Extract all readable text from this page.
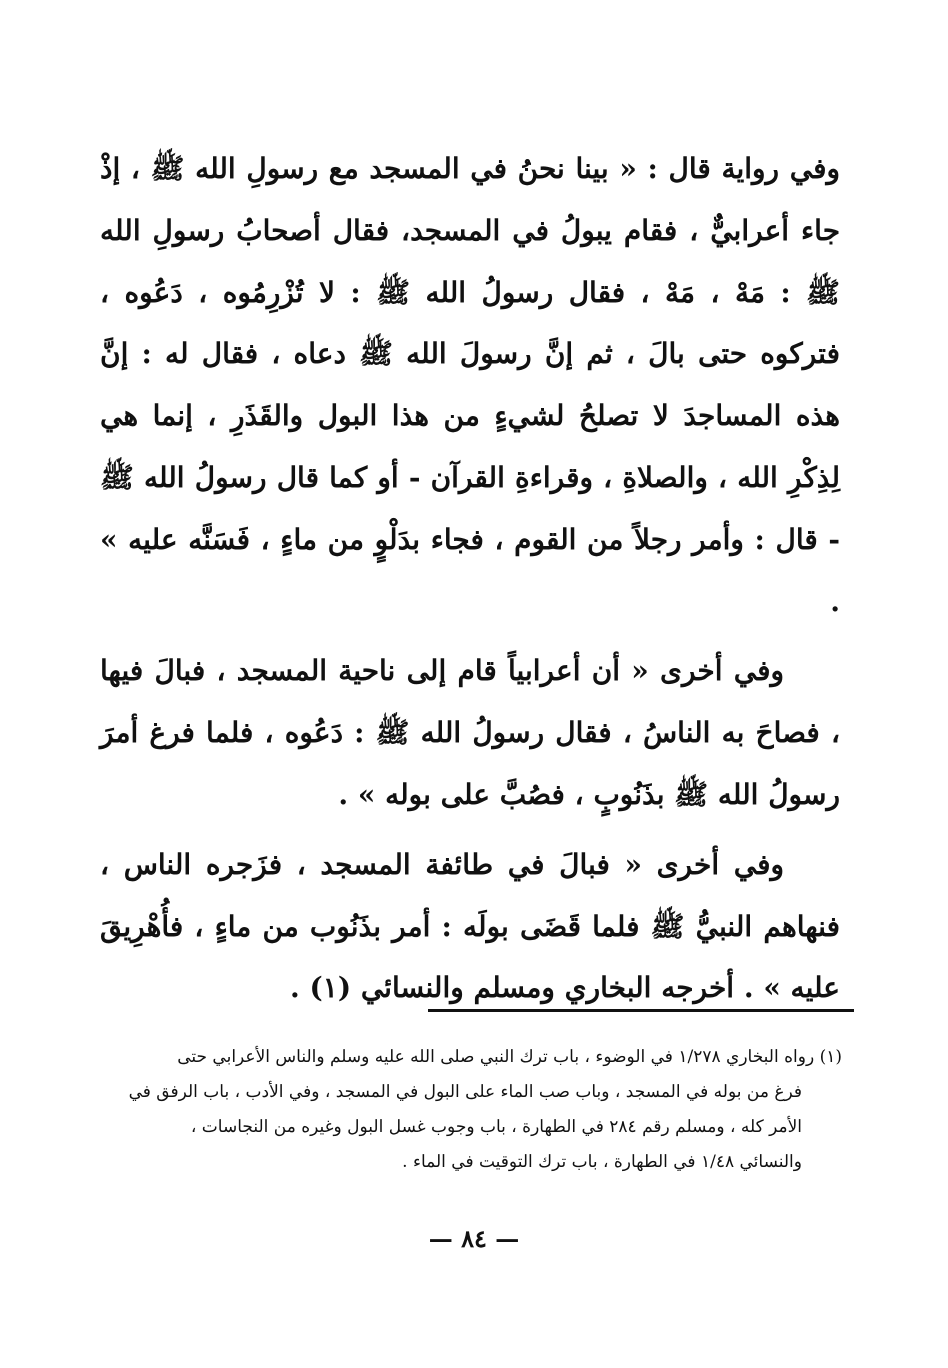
وفي رواية قال : « بينا نحنُ في المسجد مع رسولِ الله ﷺ ، إذْ جاء أعرابيٌّ ، فقام يبولُ في المسجد، فقال أصحابُ رسولِ الله ﷺ : مَهْ ، مَهْ ، فقال رسولُ الله ﷺ : لا تُزْرِمُوه ، دَعُوه ، فتركوه حتى بالَ ، ثم إنَّ رسولَ الله ﷺ دعاه ، فقال له : إنَّ هذه المساجدَ لا تصلحُ لشيءٍ من هذا البول والقَذَرِ ، إنما هي لِذِكْرِ الله ، والصلاةِ ، وقراءةِ القرآن - أو كما قال رسولُ الله ﷺ - قال : وأمر رجلاً من القوم ، فجاء بدَلْوٍ من ماءٍ ، فَسَنَّه عليه » .

وفي أخرى « أن أعرابياً قام إلى ناحية المسجد ، فبالَ فيها ، فصاحَ به الناسُ ، فقال رسولُ الله ﷺ : دَعُوه ، فلما فرغ أمرَ رسولُ الله ﷺ بذَنُوبٍ ، فصُبَّ على بوله » .

وفي أخرى « فبالَ في طائفة المسجد ، فزَجره الناس ، فنهاهم النبيُّ ﷺ فلما قَضَى بولَه : أمر بذَنُوب من ماءٍ ، فأُهْرِيقَ عليه » . أخرجه البخاري ومسلم والنسائي (١) .

(١) رواه البخاري ١/٢٧٨ في الوضوء ، باب ترك النبي صلى الله عليه وسلم والناس الأعرابي حتى

فرغ من بوله في المسجد ، وباب صب الماء على البول في المسجد ، وفي الأدب ، باب الرفق في

الأمر كله ، ومسلم رقم ٢٨٤ في الطهارة ، باب وجوب غسل البول وغيره من النجاسات ،

والنسائي ١/٤٨ في الطهارة ، باب ترك التوقيت في الماء .

— ٨٤ —
